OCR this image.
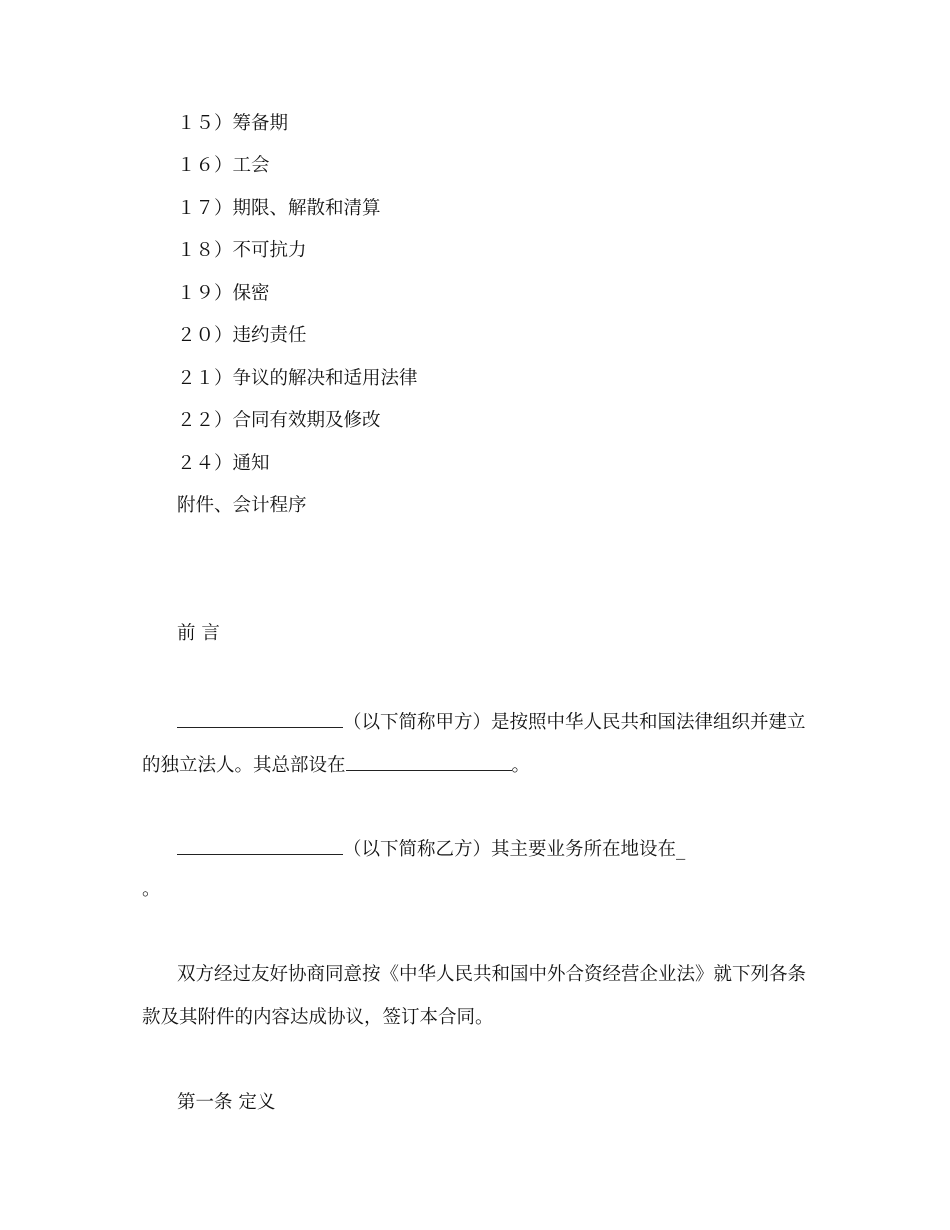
１５）筹备期
１６）工会
１７）期限、解散和清算
１８）不可抗力
１９）保密
２０）违约责任
２１）争议的解决和适用法律
２２）合同有效期及修改
２４）通知
附件、会计程序
前 言
（以下简称甲方）是按照中华人民共和国法律组织并建立
的独立法人。其总部设在	。
（以下简称乙方）其主要业务所在地设在_
。
双方经过友好协商同意按《中华人民共和国中外合资经营企业法》就下列各条
款及其附件的内容达成协议，签订本合同。
第一条 定义
